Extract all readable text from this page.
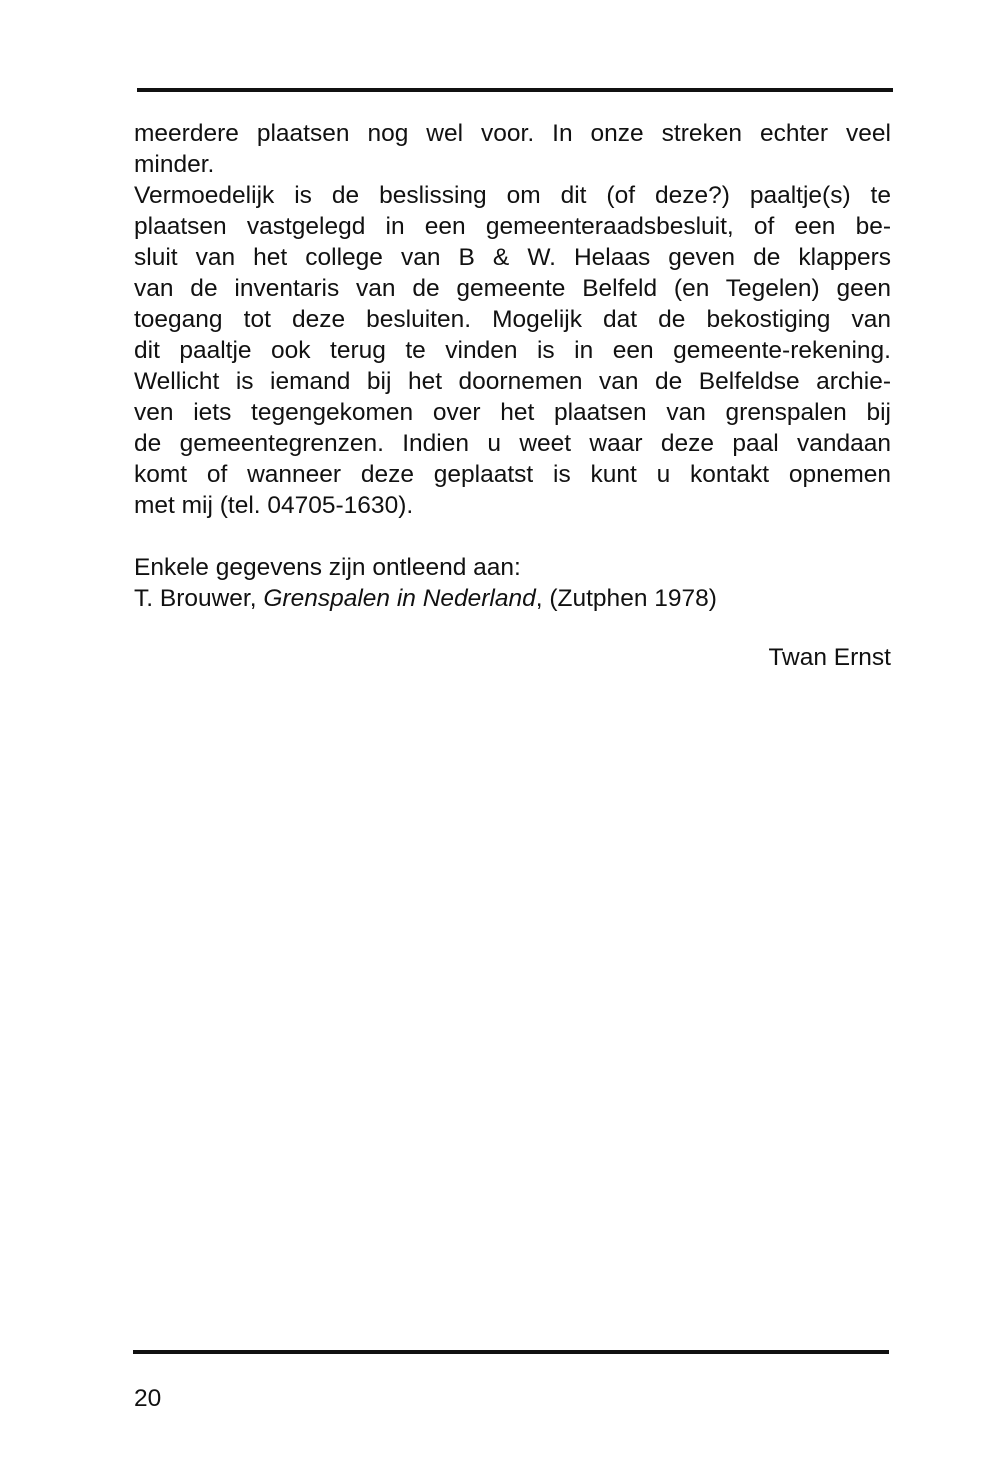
meerdere plaatsen nog wel voor. In onze streken echter veel
minder.
Vermoedelijk is de beslissing om dit (of deze?) paaltje(s) te
plaatsen vastgelegd in een gemeenteraadsbesluit, of een be-
sluit van het college van B & W. Helaas geven de klappers
van de inventaris van de gemeente Belfeld (en Tegelen) geen
toegang tot deze besluiten. Mogelijk dat de bekostiging van
dit paaltje ook terug te vinden is in een gemeente-rekening.
Wellicht is iemand bij het doornemen van de Belfeldse archie-
ven iets tegengekomen over het plaatsen van grenspalen bij
de gemeentegrenzen. Indien u weet waar deze paal vandaan
komt of wanneer deze geplaatst is kunt u kontakt opnemen
met mij (tel. 04705-1630).
Enkele gegevens zijn ontleend aan:
T. Brouwer, Grenspalen in Nederland, (Zutphen 1978)
Twan Ernst
20
